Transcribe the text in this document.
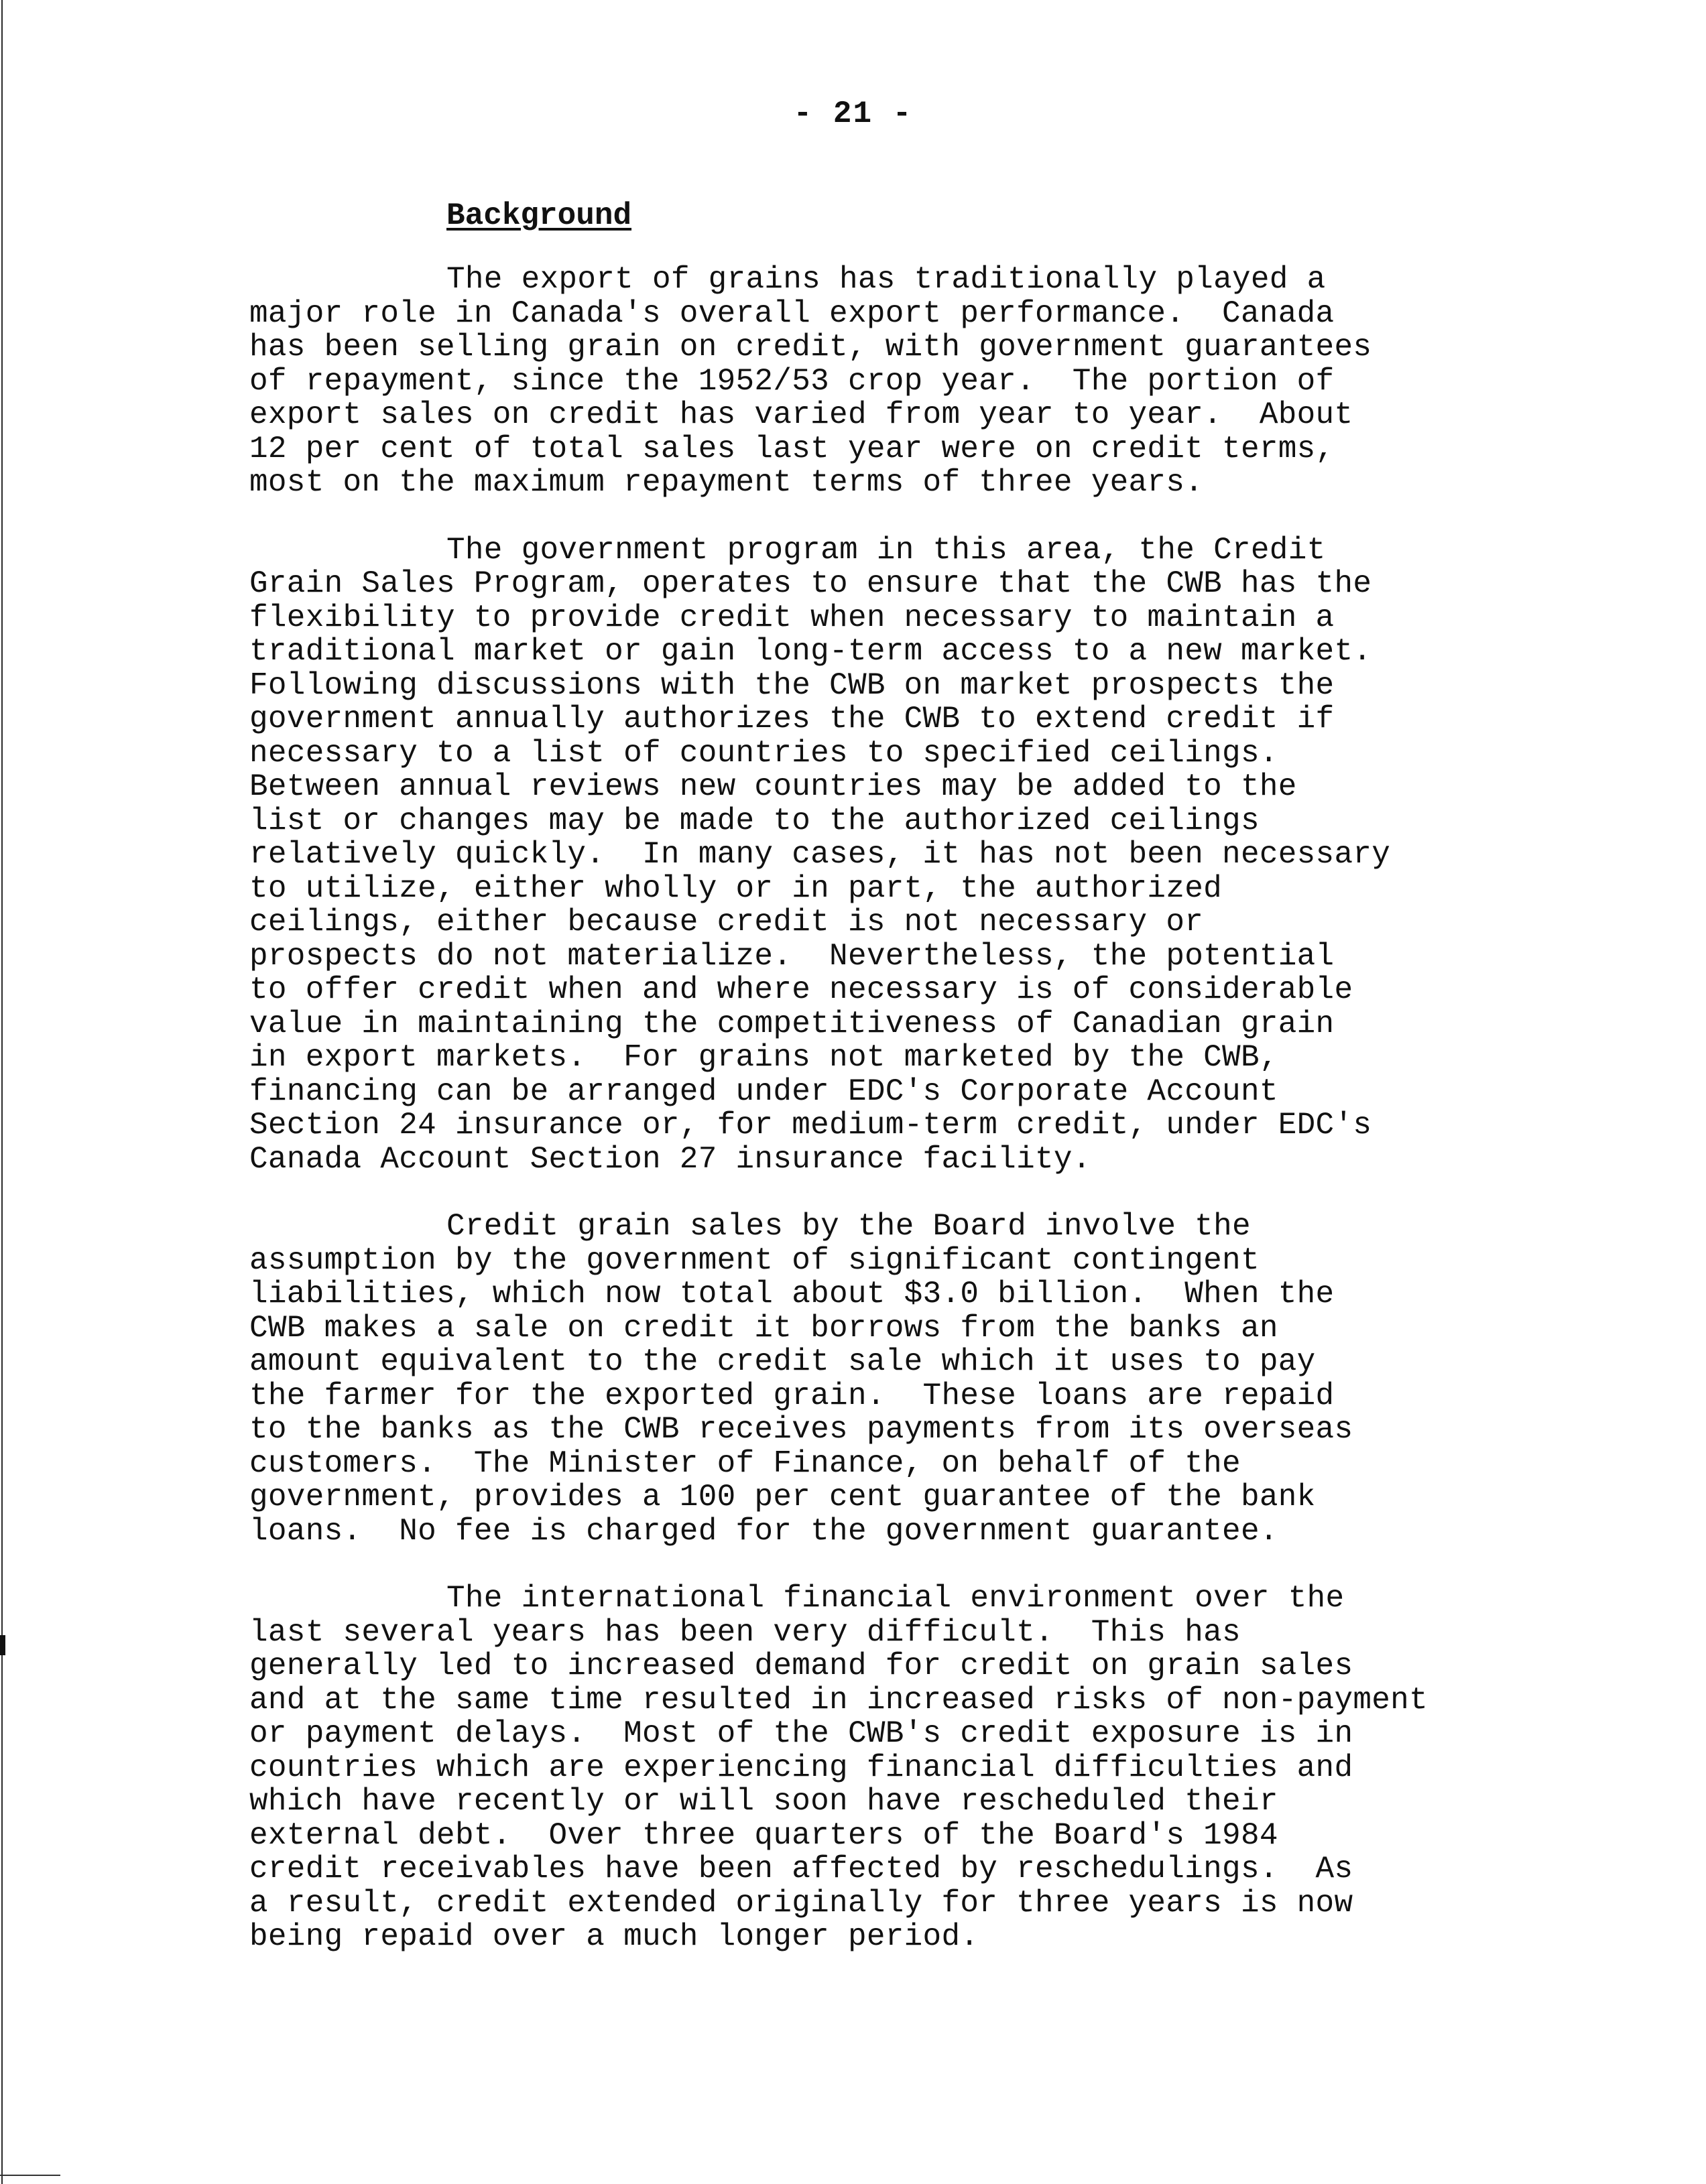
- 21 -
Background

The export of grains has traditionally played a
major role in Canada's overall export performance.  Canada
has been selling grain on credit, with government guarantees
of repayment, since the 1952/53 crop year.  The portion of
export sales on credit has varied from year to year.  About
12 per cent of total sales last year were on credit terms,
most on the maximum repayment terms of three years.

The government program in this area, the Credit
Grain Sales Program, operates to ensure that the CWB has the
flexibility to provide credit when necessary to maintain a
traditional market or gain long-term access to a new market.
Following discussions with the CWB on market prospects the
government annually authorizes the CWB to extend credit if
necessary to a list of countries to specified ceilings.
Between annual reviews new countries may be added to the
list or changes may be made to the authorized ceilings
relatively quickly.  In many cases, it has not been necessary
to utilize, either wholly or in part, the authorized
ceilings, either because credit is not necessary or
prospects do not materialize.  Nevertheless, the potential
to offer credit when and where necessary is of considerable
value in maintaining the competitiveness of Canadian grain
in export markets.  For grains not marketed by the CWB,
financing can be arranged under EDC's Corporate Account
Section 24 insurance or, for medium-term credit, under EDC's
Canada Account Section 27 insurance facility.

Credit grain sales by the Board involve the
assumption by the government of significant contingent
liabilities, which now total about $3.0 billion.  When the
CWB makes a sale on credit it borrows from the banks an
amount equivalent to the credit sale which it uses to pay
the farmer for the exported grain.  These loans are repaid
to the banks as the CWB receives payments from its overseas
customers.  The Minister of Finance, on behalf of the
government, provides a 100 per cent guarantee of the bank
loans.  No fee is charged for the government guarantee.

The international financial environment over the
last several years has been very difficult.  This has
generally led to increased demand for credit on grain sales
and at the same time resulted in increased risks of non-payment
or payment delays.  Most of the CWB's credit exposure is in
countries which are experiencing financial difficulties and
which have recently or will soon have rescheduled their
external debt.  Over three quarters of the Board's 1984
credit receivables have been affected by reschedulings.  As
a result, credit extended originally for three years is now
being repaid over a much longer period.
